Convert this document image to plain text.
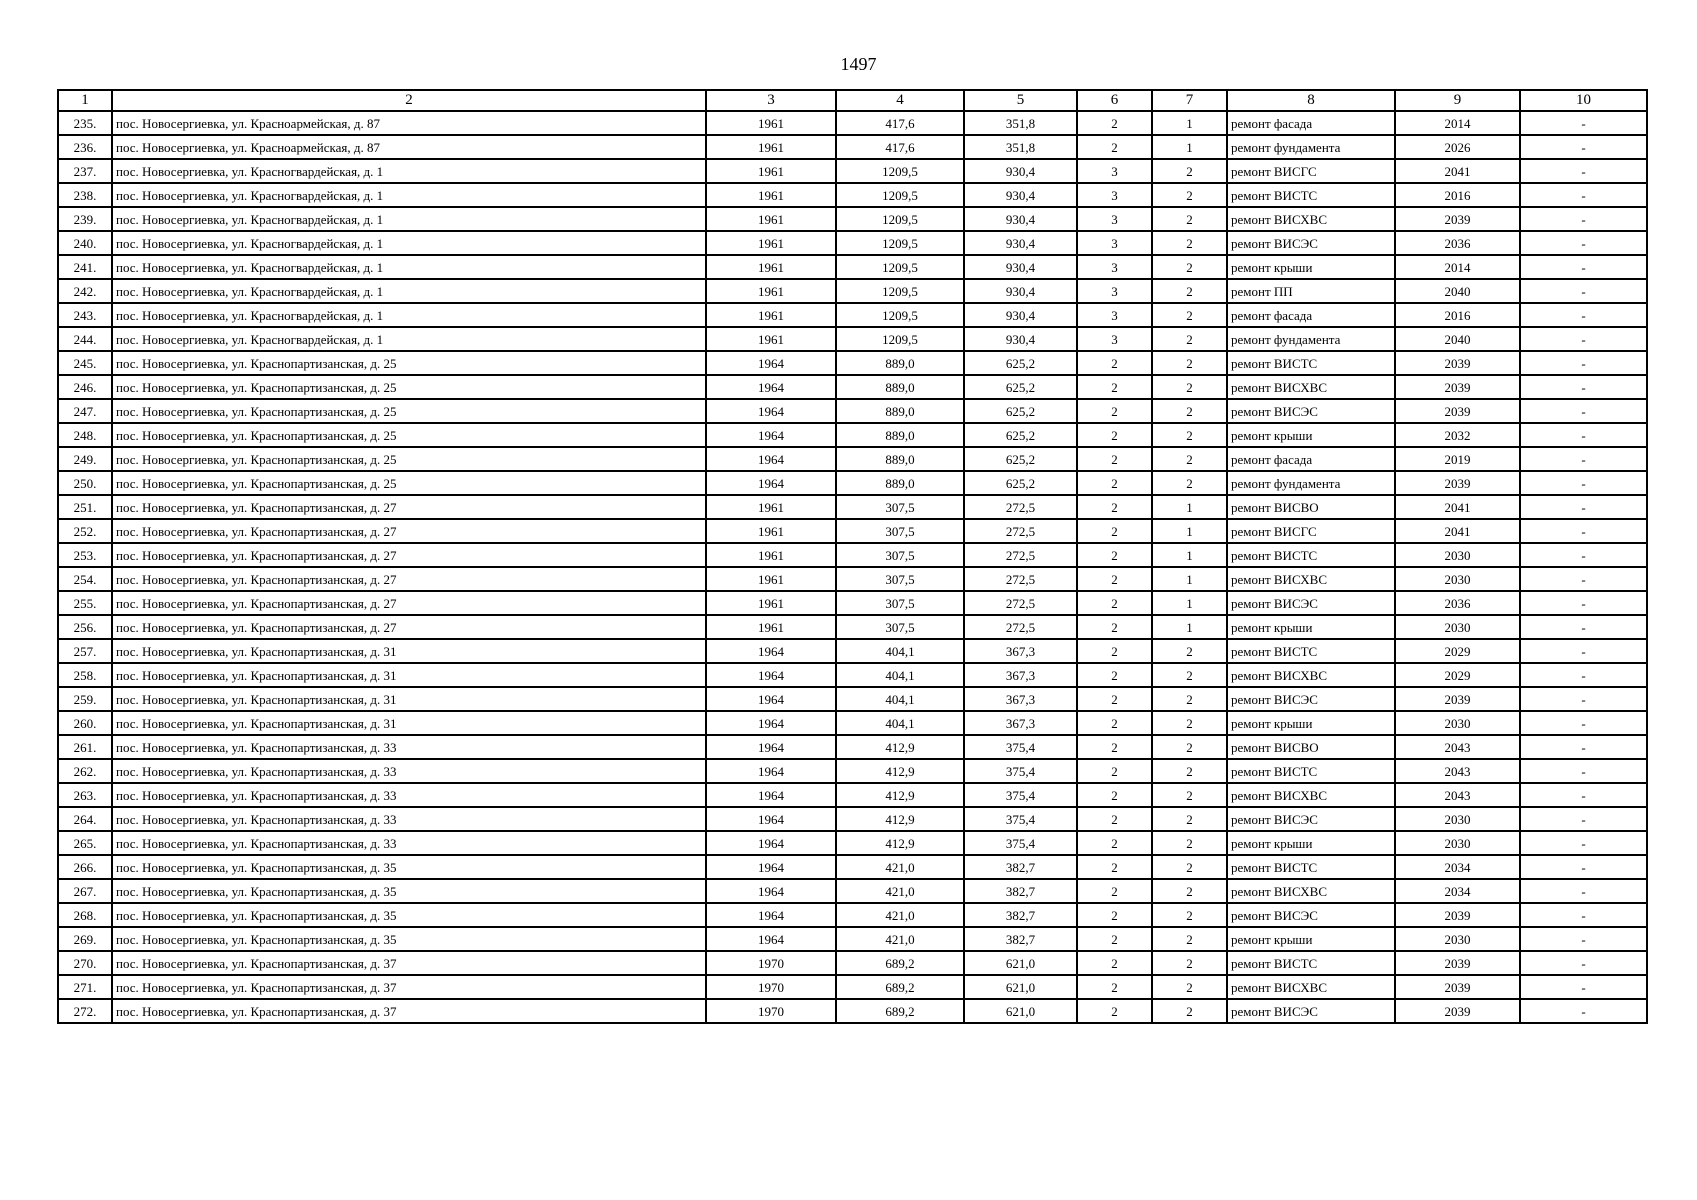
1497
1	2	3	4	5	6	7	8	9	10
235.	пос. Новосергиевка, ул. Красноармейская, д. 87	1961	417,6	351,8	2	1	ремонт фасада	2014	-
236.	пос. Новосергиевка, ул. Красноармейская, д. 87	1961	417,6	351,8	2	1	ремонт фундамента	2026	-
237.	пос. Новосергиевка, ул. Красногвардейская, д. 1	1961	1209,5	930,4	3	2	ремонт ВИСГС	2041	-
238.	пос. Новосергиевка, ул. Красногвардейская, д. 1	1961	1209,5	930,4	3	2	ремонт ВИСТС	2016	-
239.	пос. Новосергиевка, ул. Красногвардейская, д. 1	1961	1209,5	930,4	3	2	ремонт ВИСХВС	2039	-
240.	пос. Новосергиевка, ул. Красногвардейская, д. 1	1961	1209,5	930,4	3	2	ремонт ВИСЭС	2036	-
241.	пос. Новосергиевка, ул. Красногвардейская, д. 1	1961	1209,5	930,4	3	2	ремонт крыши	2014	-
242.	пос. Новосергиевка, ул. Красногвардейская, д. 1	1961	1209,5	930,4	3	2	ремонт ПП	2040	-
243.	пос. Новосергиевка, ул. Красногвардейская, д. 1	1961	1209,5	930,4	3	2	ремонт фасада	2016	-
244.	пос. Новосергиевка, ул. Красногвардейская, д. 1	1961	1209,5	930,4	3	2	ремонт фундамента	2040	-
245.	пос. Новосергиевка, ул. Краснопартизанская, д. 25	1964	889,0	625,2	2	2	ремонт ВИСТС	2039	-
246.	пос. Новосергиевка, ул. Краснопартизанская, д. 25	1964	889,0	625,2	2	2	ремонт ВИСХВС	2039	-
247.	пос. Новосергиевка, ул. Краснопартизанская, д. 25	1964	889,0	625,2	2	2	ремонт ВИСЭС	2039	-
248.	пос. Новосергиевка, ул. Краснопартизанская, д. 25	1964	889,0	625,2	2	2	ремонт крыши	2032	-
249.	пос. Новосергиевка, ул. Краснопартизанская, д. 25	1964	889,0	625,2	2	2	ремонт фасада	2019	-
250.	пос. Новосергиевка, ул. Краснопартизанская, д. 25	1964	889,0	625,2	2	2	ремонт фундамента	2039	-
251.	пос. Новосергиевка, ул. Краснопартизанская, д. 27	1961	307,5	272,5	2	1	ремонт ВИСВО	2041	-
252.	пос. Новосергиевка, ул. Краснопартизанская, д. 27	1961	307,5	272,5	2	1	ремонт ВИСГС	2041	-
253.	пос. Новосергиевка, ул. Краснопартизанская, д. 27	1961	307,5	272,5	2	1	ремонт ВИСТС	2030	-
254.	пос. Новосергиевка, ул. Краснопартизанская, д. 27	1961	307,5	272,5	2	1	ремонт ВИСХВС	2030	-
255.	пос. Новосергиевка, ул. Краснопартизанская, д. 27	1961	307,5	272,5	2	1	ремонт ВИСЭС	2036	-
256.	пос. Новосергиевка, ул. Краснопартизанская, д. 27	1961	307,5	272,5	2	1	ремонт крыши	2030	-
257.	пос. Новосергиевка, ул. Краснопартизанская, д. 31	1964	404,1	367,3	2	2	ремонт ВИСТС	2029	-
258.	пос. Новосергиевка, ул. Краснопартизанская, д. 31	1964	404,1	367,3	2	2	ремонт ВИСХВС	2029	-
259.	пос. Новосергиевка, ул. Краснопартизанская, д. 31	1964	404,1	367,3	2	2	ремонт ВИСЭС	2039	-
260.	пос. Новосергиевка, ул. Краснопартизанская, д. 31	1964	404,1	367,3	2	2	ремонт крыши	2030	-
261.	пос. Новосергиевка, ул. Краснопартизанская, д. 33	1964	412,9	375,4	2	2	ремонт ВИСВО	2043	-
262.	пос. Новосергиевка, ул. Краснопартизанская, д. 33	1964	412,9	375,4	2	2	ремонт ВИСТС	2043	-
263.	пос. Новосергиевка, ул. Краснопартизанская, д. 33	1964	412,9	375,4	2	2	ремонт ВИСХВС	2043	-
264.	пос. Новосергиевка, ул. Краснопартизанская, д. 33	1964	412,9	375,4	2	2	ремонт ВИСЭС	2030	-
265.	пос. Новосергиевка, ул. Краснопартизанская, д. 33	1964	412,9	375,4	2	2	ремонт крыши	2030	-
266.	пос. Новосергиевка, ул. Краснопартизанская, д. 35	1964	421,0	382,7	2	2	ремонт ВИСТС	2034	-
267.	пос. Новосергиевка, ул. Краснопартизанская, д. 35	1964	421,0	382,7	2	2	ремонт ВИСХВС	2034	-
268.	пос. Новосергиевка, ул. Краснопартизанская, д. 35	1964	421,0	382,7	2	2	ремонт ВИСЭС	2039	-
269.	пос. Новосергиевка, ул. Краснопартизанская, д. 35	1964	421,0	382,7	2	2	ремонт крыши	2030	-
270.	пос. Новосергиевка, ул. Краснопартизанская, д. 37	1970	689,2	621,0	2	2	ремонт ВИСТС	2039	-
271.	пос. Новосергиевка, ул. Краснопартизанская, д. 37	1970	689,2	621,0	2	2	ремонт ВИСХВС	2039	-
272.	пос. Новосергиевка, ул. Краснопартизанская, д. 37	1970	689,2	621,0	2	2	ремонт ВИСЭС	2039	-
